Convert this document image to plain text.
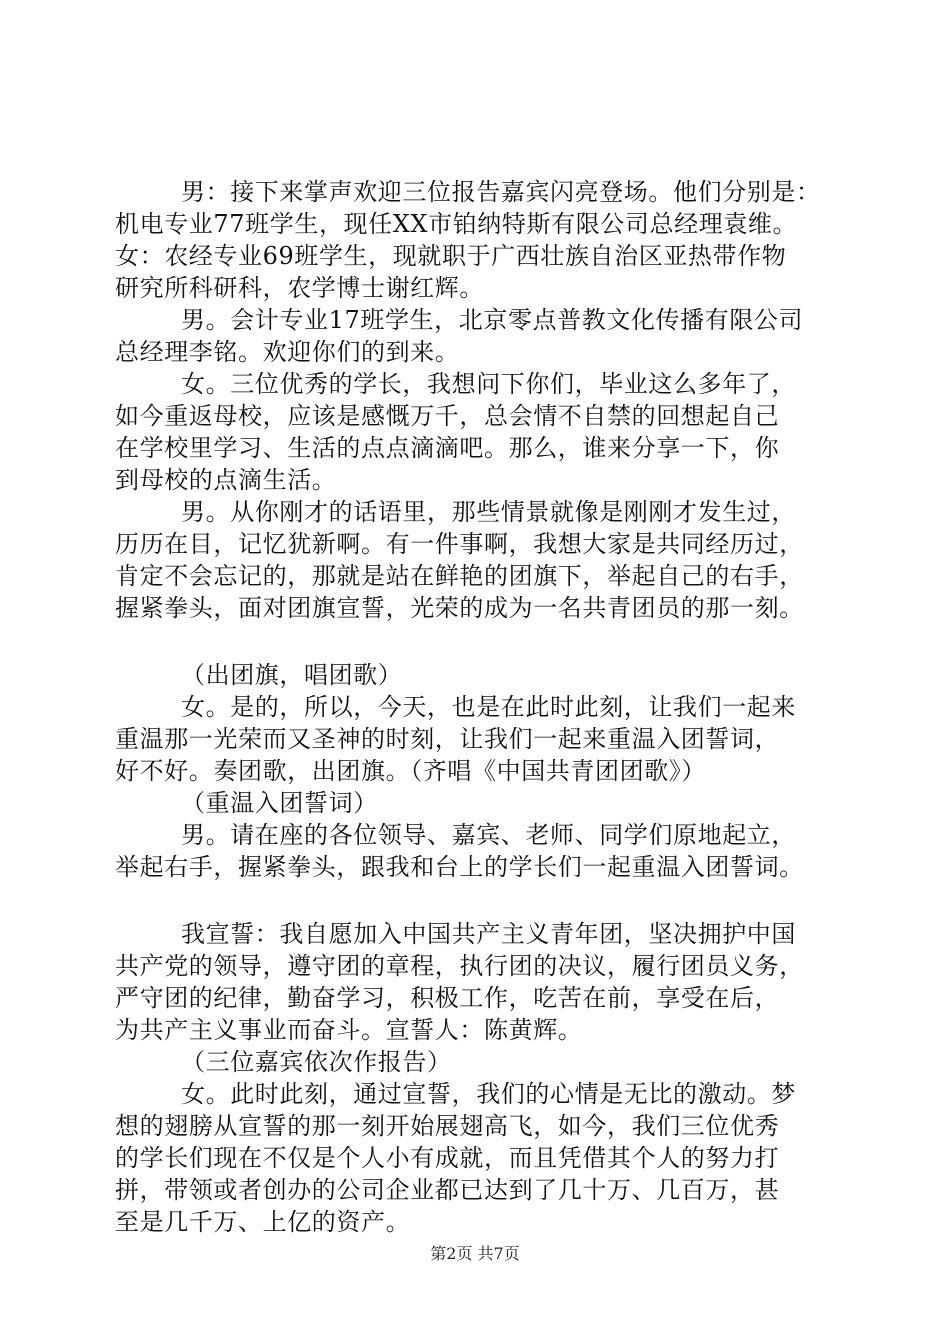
男：接下来掌声欢迎三位报告嘉宾闪亮登场。他们分别是：
机电专业77班学生，现任XX市铂纳特斯有限公司总经理袁维。
女：农经专业69班学生，现就职于广西壮族自治区亚热带作物
研究所科研科，农学博士谢红辉。
男。会计专业17班学生，北京零点普教文化传播有限公司
总经理李铭。欢迎你们的到来。
女。三位优秀的学长，我想问下你们，毕业这么多年了，
如今重返母校，应该是感慨万千，总会情不自禁的回想起自己
在学校里学习、生活的点点滴滴吧。那么，谁来分享一下，你
到母校的点滴生活。
男。从你刚才的话语里，那些情景就像是刚刚才发生过，
历历在目，记忆犹新啊。有一件事啊，我想大家是共同经历过，
肯定不会忘记的，那就是站在鲜艳的团旗下，举起自己的右手，
握紧拳头，面对团旗宣誓，光荣的成为一名共青团员的那一刻。
（出团旗，唱团歌）
女。是的，所以，今天，也是在此时此刻，让我们一起来
重温那一光荣而又圣神的时刻，让我们一起来重温入团誓词，
好不好。奏团歌，出团旗。（齐唱《中国共青团团歌》）
（重温入团誓词）
男。请在座的各位领导、嘉宾、老师、同学们原地起立，
举起右手，握紧拳头，跟我和台上的学长们一起重温入团誓词。
我宣誓：我自愿加入中国共产主义青年团，坚决拥护中国
共产党的领导，遵守团的章程，执行团的决议，履行团员义务，
严守团的纪律，勤奋学习，积极工作，吃苦在前，享受在后，
为共产主义事业而奋斗。宣誓人：陈黄辉。
（三位嘉宾依次作报告）
女。此时此刻，通过宣誓，我们的心情是无比的激动。梦
想的翅膀从宣誓的那一刻开始展翅高飞，如今，我们三位优秀
的学长们现在不仅是个人小有成就，而且凭借其个人的努力打
拼，带领或者创办的公司企业都已达到了几十万、几百万，甚
至是几千万、上亿的资产。
第2页 共7页
